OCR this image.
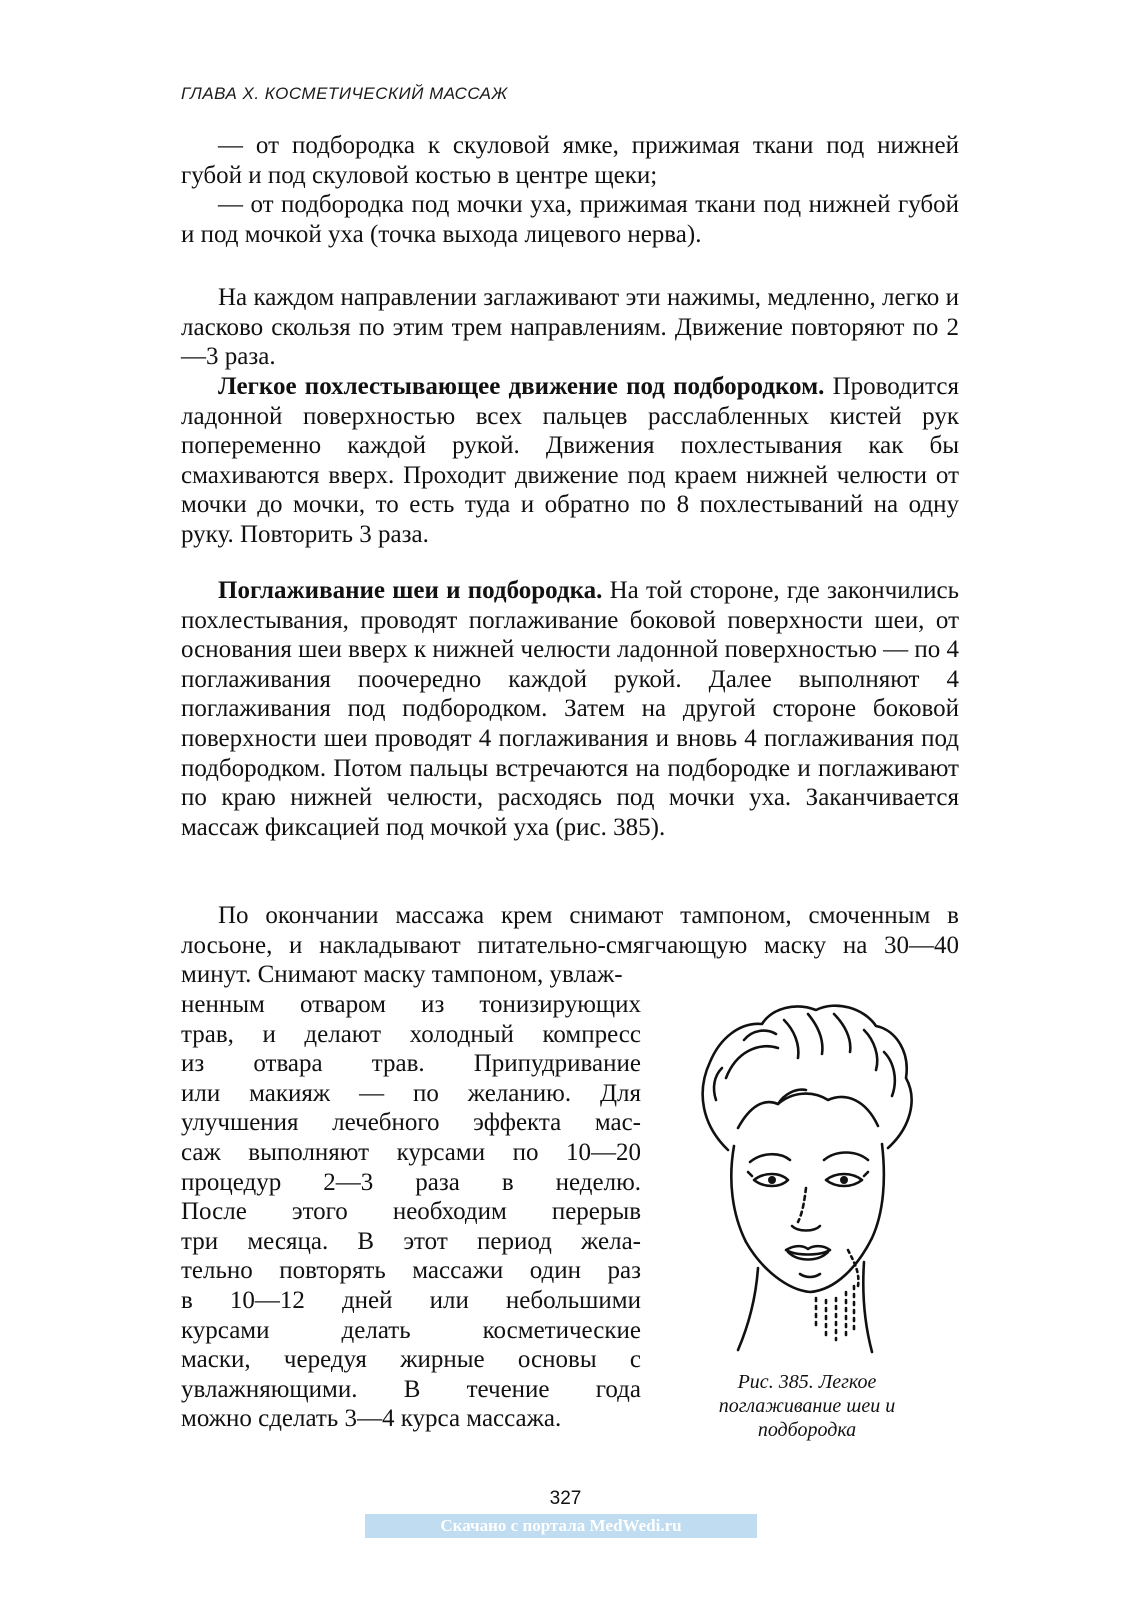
ГЛАВА Х. КОСМЕТИЧЕСКИЙ МАССАЖ

— от подбородка к скуловой ямке, прижимая ткани под нижней губой и под скуловой костью в центре щеки;

— от подбородка под мочки уха, прижимая ткани под нижней губой и под мочкой уха (точка выхода лицевого нерва).

На каждом направлении заглаживают эти нажимы, медленно, легко и ласково скользя по этим трем направлениям. Движение повторяют по 2—3 раза.

Легкое похлестывающее движение под подбородком. Проводится ладонной поверхностью всех пальцев расслабленных кистей рук попеременно каждой рукой. Движения похлестывания как бы смахиваются вверх. Проходит движение под краем нижней челюсти от мочки до мочки, то есть туда и обратно по 8 похлестываний на одну руку. Повторить 3 раза.

Поглаживание шеи и подбородка. На той стороне, где закончились похлестывания, проводят поглаживание боковой поверхности шеи, от основания шеи вверх к нижней челюсти ладонной поверхностью — по 4 поглаживания поочередно каждой рукой. Далее выполняют 4 поглаживания под подбородком. Затем на другой стороне боковой поверхности шеи проводят 4 поглаживания и вновь 4 поглаживания под подбородком. Потом пальцы встречаются на подбородке и поглаживают по краю нижней челюсти, расходясь под мочки уха. Заканчивается массаж фиксацией под мочкой уха (рис. 385).

По окончании массажа крем снимают тампоном, смоченным в лосьоне, и накладывают питательно-смягчающую маску на 30—40 минут. Снимают маску тампоном, увлаж-

ненным отваром из тонизирующих
трав, и делают холодный компресс
из отвара трав. Припудривание
или макияж — по желанию. Для
улучшения лечебного эффекта мас-
саж выполняют курсами по 10—20
процедур 2—3 раза в неделю.
После этого необходим перерыв
три месяца. В этот период жела-
тельно повторять массажи один раз
в 10—12 дней или небольшими
курсами делать косметические
маски, чередуя жирные основы с
увлажняющими. В течение года
можно сделать 3—4 курса массажа.
Рис. 385. Легкое
поглаживание шеи и
подбородка
327
Скачано с портала MedWedi.ru
